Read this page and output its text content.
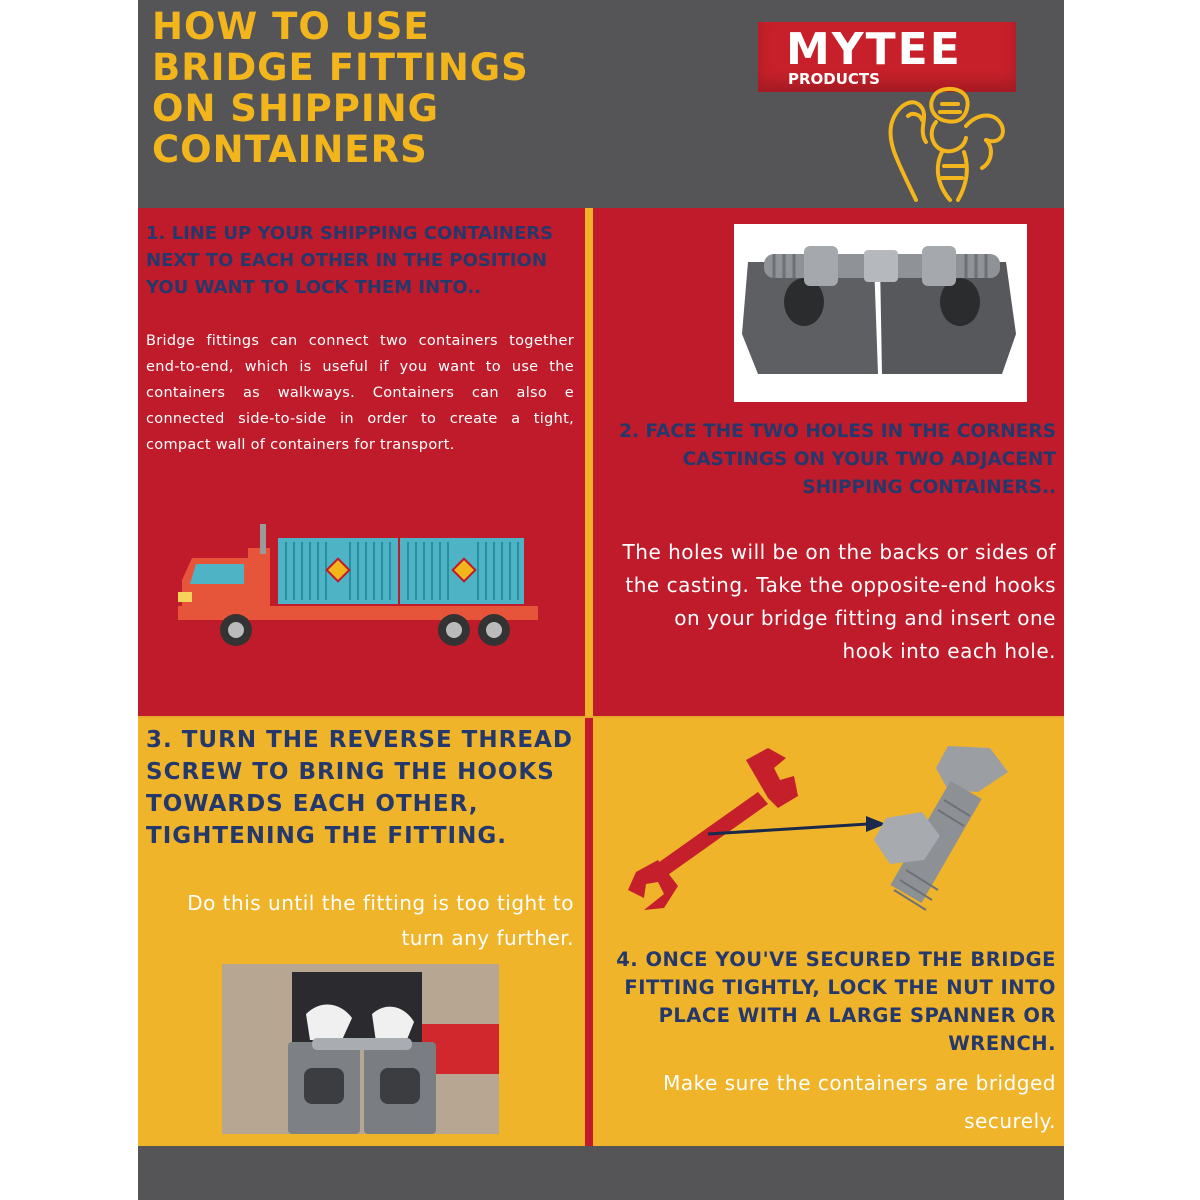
HOW TO USE BRIDGE FITTINGS ON SHIPPING CONTAINERS
MYTEE
PRODUCTS
1. LINE UP YOUR SHIPPING CONTAINERS NEXT TO EACH OTHER IN THE POSITION YOU WANT TO LOCK THEM INTO..

Bridge fittings can connect two containers together end-to-end, which is useful if you want to use the containers as walkways. Containers can also e connected side-to-side in order to create a tight, compact wall of containers for transport.

2. FACE THE TWO HOLES IN THE CORNERS CASTINGS ON YOUR TWO ADJACENT SHIPPING CONTAINERS..

The holes will be on the backs or sides of the casting. Take the opposite-end hooks on your bridge fitting and insert one hook into each hole.

3. TURN THE REVERSE THREAD SCREW TO BRING THE HOOKS TOWARDS EACH OTHER, TIGHTENING THE FITTING.

Do this until the fitting is too tight to turn any further.

4. ONCE YOU'VE SECURED THE BRIDGE FITTING TIGHTLY, LOCK THE NUT INTO PLACE WITH A LARGE SPANNER OR WRENCH.

Make sure the containers are bridged securely.
